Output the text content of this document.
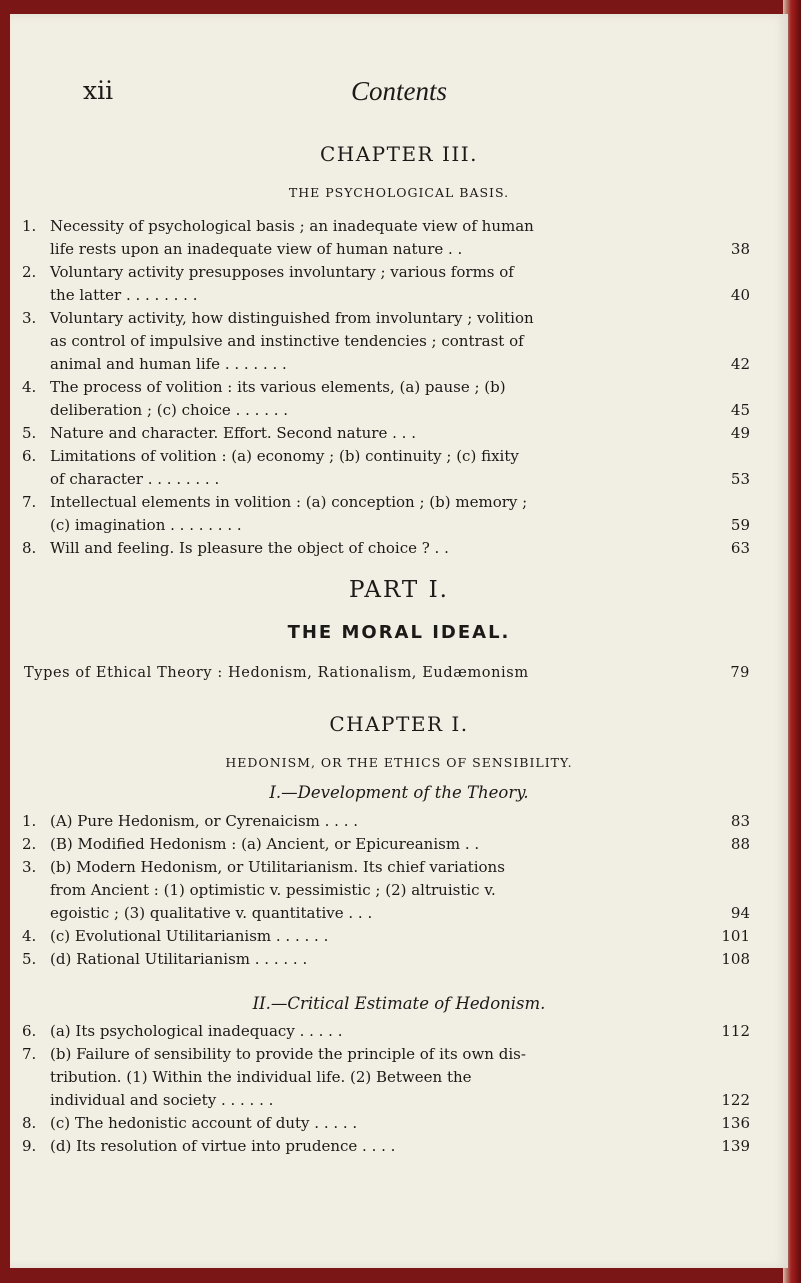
xii	Contents
CHAPTER III.
THE PSYCHOLOGICAL BASIS.
1. Necessity of psychological basis ; an inadequate view of human
life rests upon an inadequate view of human nature . .	38
2. Voluntary activity presupposes involuntary ; various forms of
the latter . . . . . . . .	40
3. Voluntary activity, how distinguished from involuntary ; volition
as control of impulsive and instinctive tendencies ; contrast of
animal and human life . . . . . . .	42
4. The process of volition : its various elements, (a) pause ; (b)
deliberation ; (c) choice . . . . . .	45
5. Nature and character. Effort. Second nature . . .	49
6. Limitations of volition : (a) economy ; (b) continuity ; (c) fixity
of character . . . . . . . .	53
7. Intellectual elements in volition : (a) conception ; (b) memory ;
(c) imagination . . . . . . . .	59
8. Will and feeling. Is pleasure the object of choice ? . .	63
PART I.
THE MORAL IDEAL.
Types of Ethical Theory : Hedonism, Rationalism, Eudæmonism	79
CHAPTER I.
HEDONISM, OR THE ETHICS OF SENSIBILITY.
I.—Development of the Theory.
1. (A) Pure Hedonism, or Cyrenaicism . . . .	83
2. (B) Modified Hedonism : (a) Ancient, or Epicureanism . .	88
3. (b) Modern Hedonism, or Utilitarianism. Its chief variations
from Ancient : (1) optimistic v. pessimistic ; (2) altruistic v.
egoistic ; (3) qualitative v. quantitative . . .	94
4. (c) Evolutional Utilitarianism . . . . . .	101
5. (d) Rational Utilitarianism . . . . . .	108
II.—Critical Estimate of Hedonism.
6. (a) Its psychological inadequacy . . . . .	112
7. (b) Failure of sensibility to provide the principle of its own dis-
tribution. (1) Within the individual life. (2) Between the
individual and society . . . . . .	122
8. (c) The hedonistic account of duty . . . . .	136
9. (d) Its resolution of virtue into prudence . . . .	139
